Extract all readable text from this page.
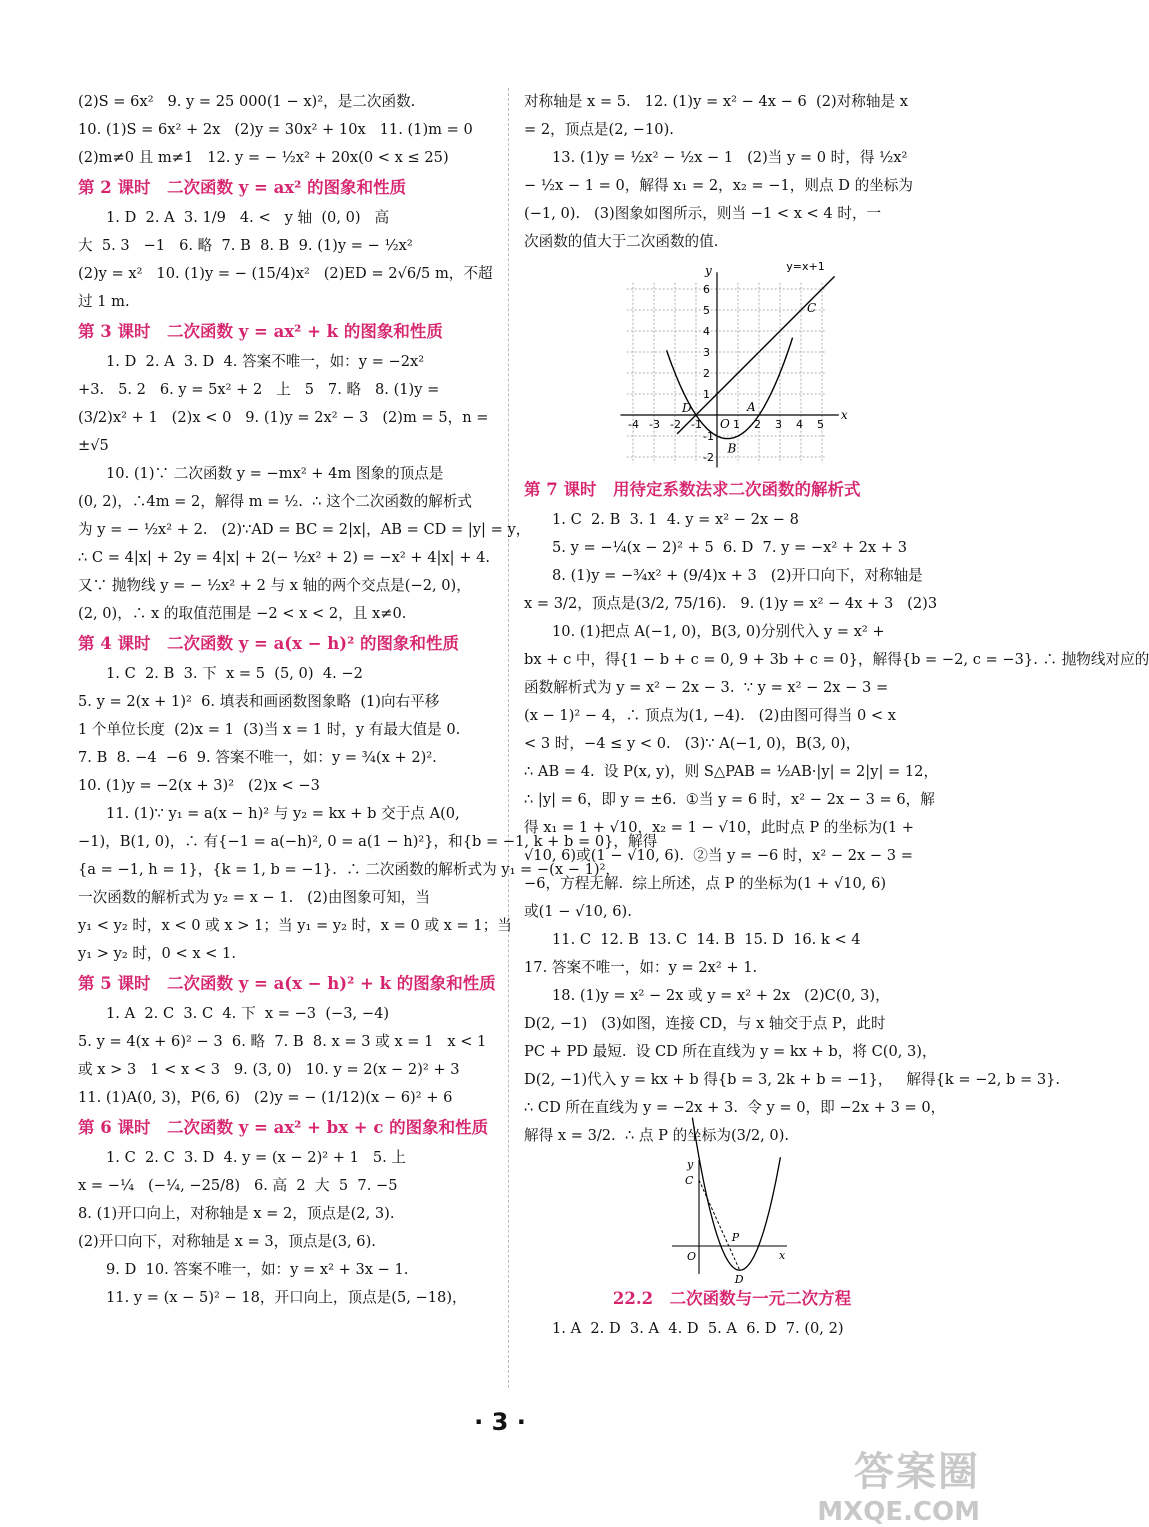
(2)S = 6x²   9. y = 25 000(1 − x)²，是二次函数.
10. (1)S = 6x² + 2x   (2)y = 30x² + 10x   11. (1)m = 0
(2)m≠0 且 m≠1   12. y = − ½x² + 20x(0 < x ≤ 25)
第 2 课时　二次函数 y = ax² 的图象和性质
1. D  2. A  3. 1/9   4. <   y 轴  (0, 0)   高
大  5. 3   −1   6. 略  7. B  8. B  9. (1)y = − ½x²
(2)y = x²   10. (1)y = − (15/4)x²   (2)ED = 2√6/5 m，不超
过 1 m.
第 3 课时　二次函数 y = ax² + k 的图象和性质
1. D  2. A  3. D  4. 答案不唯一，如：y = −2x²
+3.   5. 2   6. y = 5x² + 2   上   5   7. 略   8. (1)y =
(3/2)x² + 1   (2)x < 0   9. (1)y = 2x² − 3   (2)m = 5，n =
±√5
10. (1)∵ 二次函数 y = −mx² + 4m 图象的顶点是
(0, 2)，∴4m = 2，解得 m = ½.  ∴ 这个二次函数的解析式
为 y = − ½x² + 2.   (2)∵AD = BC = 2|x|，AB = CD = |y| = y，
∴ C = 4|x| + 2y = 4|x| + 2(− ½x² + 2) = −x² + 4|x| + 4.
又∵ 抛物线 y = − ½x² + 2 与 x 轴的两个交点是(−2, 0)，
(2, 0)，∴ x 的取值范围是 −2 < x < 2，且 x≠0.
第 4 课时　二次函数 y = a(x − h)² 的图象和性质
1. C  2. B  3. 下  x = 5  (5, 0)  4. −2
5. y = 2(x + 1)²  6. 填表和画函数图象略  (1)向右平移
1 个单位长度  (2)x = 1  (3)当 x = 1 时，y 有最大值是 0.
7. B  8. −4  −6  9. 答案不唯一，如：y = ¾(x + 2)².
10. (1)y = −2(x + 3)²   (2)x < −3
11. (1)∵ y₁ = a(x − h)² 与 y₂ = kx + b 交于点 A(0,
−1)，B(1, 0)，∴ 有{−1 = a(−h)², 0 = a(1 − h)²}，和{b = −1, k + b = 0}，解得
{a = −1, h = 1}，{k = 1, b = −1}.  ∴ 二次函数的解析式为 y₁ = −(x − 1)²，
一次函数的解析式为 y₂ = x − 1.   (2)由图象可知，当
y₁ < y₂ 时，x < 0 或 x > 1；当 y₁ = y₂ 时，x = 0 或 x = 1；当
y₁ > y₂ 时，0 < x < 1.
第 5 课时　二次函数 y = a(x − h)² + k 的图象和性质
1. A  2. C  3. C  4. 下  x = −3  (−3, −4)
5. y = 4(x + 6)² − 3  6. 略  7. B  8. x = 3 或 x = 1   x < 1
或 x > 3   1 < x < 3   9. (3, 0)   10. y = 2(x − 2)² + 3
11. (1)A(0, 3)，P(6, 6)   (2)y = − (1/12)(x − 6)² + 6
第 6 课时　二次函数 y = ax² + bx + c 的图象和性质
1. C  2. C  3. D  4. y = (x − 2)² + 1   5. 上
x = −¼   (−¼, −25/8)   6. 高  2  大  5  7. −5
8. (1)开口向上，对称轴是 x = 2，顶点是(2, 3).
(2)开口向下，对称轴是 x = 3，顶点是(3, 6).
9. D  10. 答案不唯一，如：y = x² + 3x − 1.
11. y = (x − 5)² − 18，开口向上，顶点是(5, −18)，
对称轴是 x = 5.   12. (1)y = x² − 4x − 6  (2)对称轴是 x
= 2，顶点是(2, −10).
13. (1)y = ½x² − ½x − 1   (2)当 y = 0 时，得 ½x²
− ½x − 1 = 0，解得 x₁ = 2，x₂ = −1，则点 D 的坐标为
(−1, 0).   (3)图象如图所示，则当 −1 < x < 4 时，一
次函数的值大于二次函数的值.
x
y
O
-4 -3 -2 -1	1 2 3 4 5
6
5
4
3
2
1
-1
-2
y=x+1
D	A
B
C
第 7 课时　用待定系数法求二次函数的解析式
1. C  2. B  3. 1  4. y = x² − 2x − 8
5. y = −¼(x − 2)² + 5  6. D  7. y = −x² + 2x + 3
8. (1)y = −¾x² + (9/4)x + 3   (2)开口向下，对称轴是
x = 3/2，顶点是(3/2, 75/16).   9. (1)y = x² − 4x + 3   (2)3
10. (1)把点 A(−1, 0)，B(3, 0)分别代入 y = x² +
bx + c 中，得{1 − b + c = 0, 9 + 3b + c = 0}，解得{b = −2, c = −3}. ∴ 抛物线对应的
函数解析式为 y = x² − 2x − 3.  ∵ y = x² − 2x − 3 =
(x − 1)² − 4，∴ 顶点为(1, −4).   (2)由图可得当 0 < x
< 3 时，−4 ≤ y < 0.   (3)∵ A(−1, 0)，B(3, 0)，
∴ AB = 4.  设 P(x, y)，则 S△PAB = ½AB·|y| = 2|y| = 12，
∴ |y| = 6，即 y = ±6.  ①当 y = 6 时，x² − 2x − 3 = 6，解
得 x₁ = 1 + √10，x₂ = 1 − √10，此时点 P 的坐标为(1 +
√10, 6)或(1 − √10, 6).  ②当 y = −6 时，x² − 2x − 3 =
−6，方程无解.  综上所述，点 P 的坐标为(1 + √10, 6)
或(1 − √10, 6).
11. C  12. B  13. C  14. B  15. D  16. k < 4
17. 答案不唯一，如：y = 2x² + 1.
18. (1)y = x² − 2x 或 y = x² + 2x   (2)C(0, 3)，
D(2, −1)   (3)如图，连接 CD，与 x 轴交于点 P，此时
PC + PD 最短.  设 CD 所在直线为 y = kx + b，将 C(0, 3)，
D(2, −1)代入 y = kx + b 得{b = 3, 2k + b = −1}，   解得{k = −2, b = 3}.
∴ CD 所在直线为 y = −2x + 3.  令 y = 0，即 −2x + 3 = 0，
解得 x = 3/2.  ∴ 点 P 的坐标为(3/2, 0).
x
y
O
C
P
D
22.2　二次函数与一元二次方程
1. A  2. D  3. A  4. D  5. A  6. D  7. (0, 2)
· 3 ·
答案圈
MXQE.COM
